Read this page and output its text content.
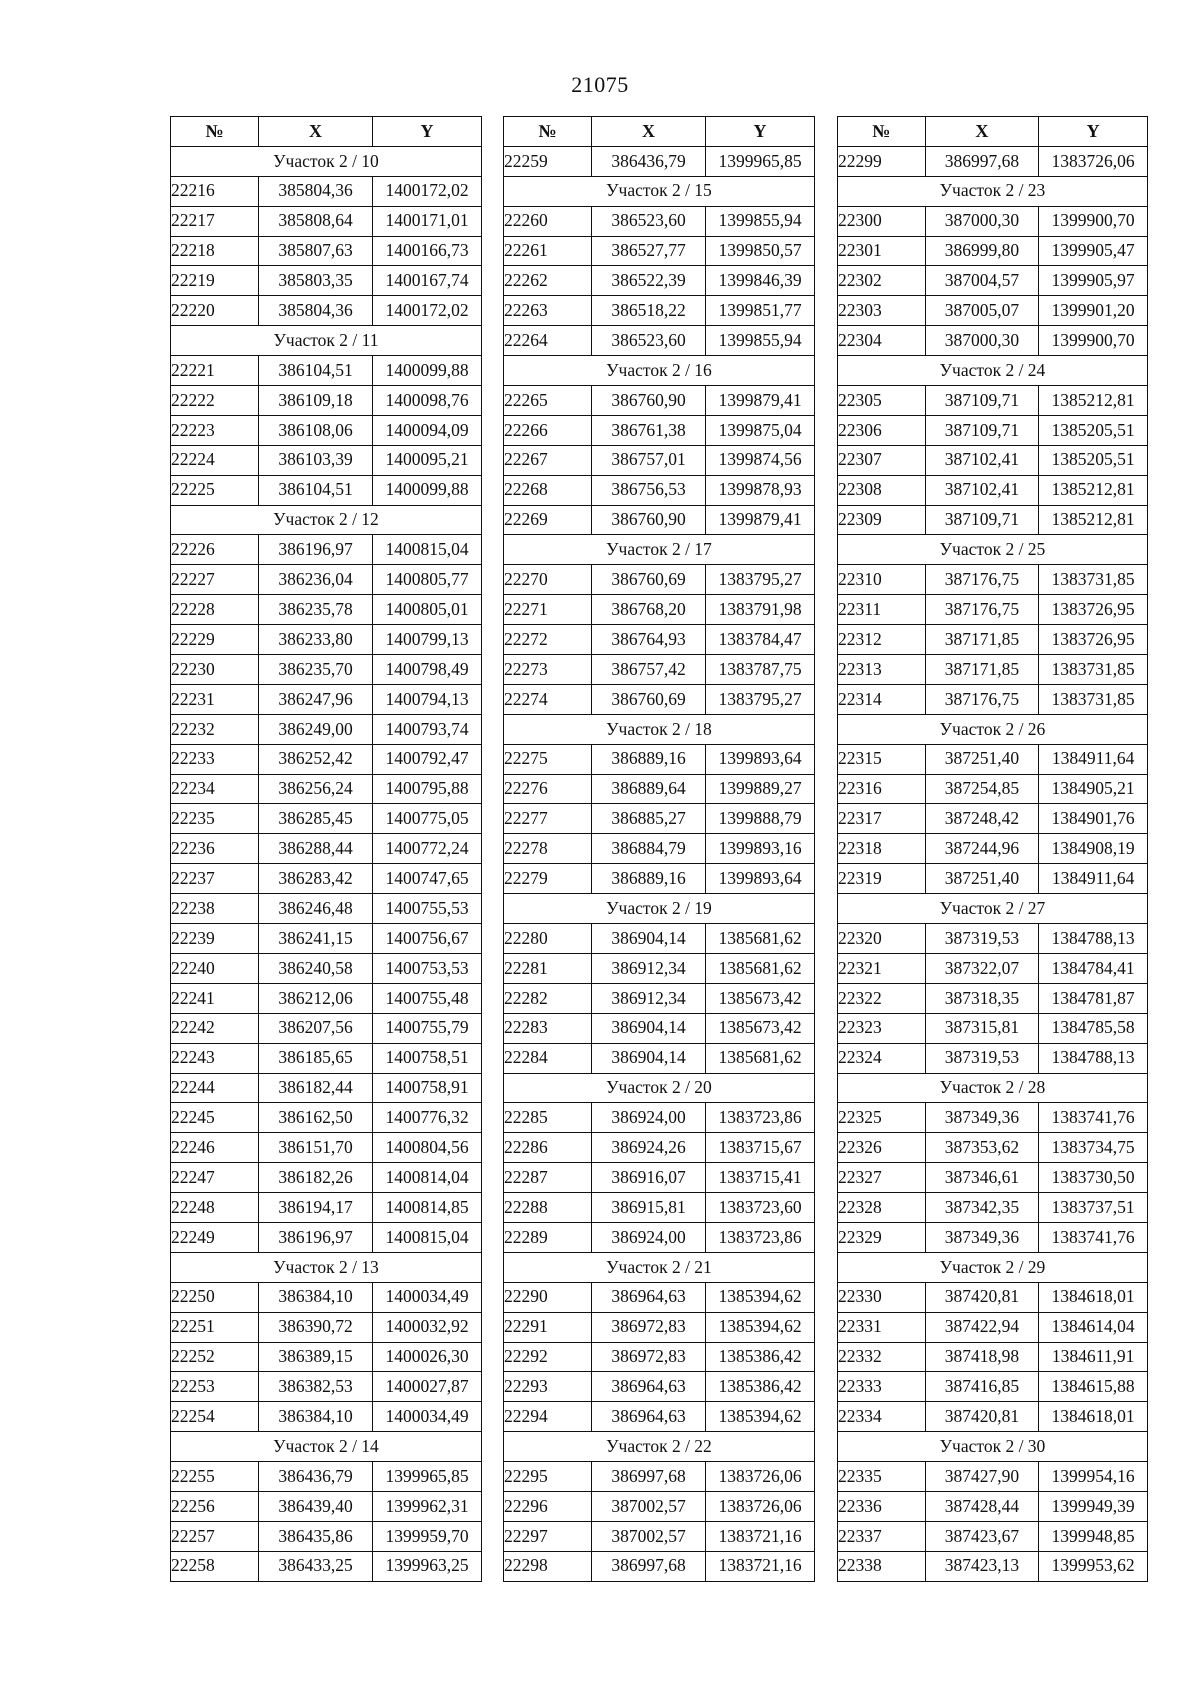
21075
№	X	Y
Участок 2 / 10		
22216	385804,36	1400172,02
22217	385808,64	1400171,01
22218	385807,63	1400166,73
22219	385803,35	1400167,74
22220	385804,36	1400172,02
Участок 2 / 11		
22221	386104,51	1400099,88
22222	386109,18	1400098,76
22223	386108,06	1400094,09
22224	386103,39	1400095,21
22225	386104,51	1400099,88
Участок 2 / 12		
22226	386196,97	1400815,04
22227	386236,04	1400805,77
22228	386235,78	1400805,01
22229	386233,80	1400799,13
22230	386235,70	1400798,49
22231	386247,96	1400794,13
22232	386249,00	1400793,74
22233	386252,42	1400792,47
22234	386256,24	1400795,88
22235	386285,45	1400775,05
22236	386288,44	1400772,24
22237	386283,42	1400747,65
22238	386246,48	1400755,53
22239	386241,15	1400756,67
22240	386240,58	1400753,53
22241	386212,06	1400755,48
22242	386207,56	1400755,79
22243	386185,65	1400758,51
22244	386182,44	1400758,91
22245	386162,50	1400776,32
22246	386151,70	1400804,56
22247	386182,26	1400814,04
22248	386194,17	1400814,85
22249	386196,97	1400815,04
Участок 2 / 13		
22250	386384,10	1400034,49
22251	386390,72	1400032,92
22252	386389,15	1400026,30
22253	386382,53	1400027,87
22254	386384,10	1400034,49
Участок 2 / 14		
22255	386436,79	1399965,85
22256	386439,40	1399962,31
22257	386435,86	1399959,70
22258	386433,25	1399963,25
№	X	Y
22259	386436,79	1399965,85
Участок 2 / 15		
22260	386523,60	1399855,94
22261	386527,77	1399850,57
22262	386522,39	1399846,39
22263	386518,22	1399851,77
22264	386523,60	1399855,94
Участок 2 / 16		
22265	386760,90	1399879,41
22266	386761,38	1399875,04
22267	386757,01	1399874,56
22268	386756,53	1399878,93
22269	386760,90	1399879,41
Участок 2 / 17		
22270	386760,69	1383795,27
22271	386768,20	1383791,98
22272	386764,93	1383784,47
22273	386757,42	1383787,75
22274	386760,69	1383795,27
Участок 2 / 18		
22275	386889,16	1399893,64
22276	386889,64	1399889,27
22277	386885,27	1399888,79
22278	386884,79	1399893,16
22279	386889,16	1399893,64
Участок 2 / 19		
22280	386904,14	1385681,62
22281	386912,34	1385681,62
22282	386912,34	1385673,42
22283	386904,14	1385673,42
22284	386904,14	1385681,62
Участок 2 / 20		
22285	386924,00	1383723,86
22286	386924,26	1383715,67
22287	386916,07	1383715,41
22288	386915,81	1383723,60
22289	386924,00	1383723,86
Участок 2 / 21		
22290	386964,63	1385394,62
22291	386972,83	1385394,62
22292	386972,83	1385386,42
22293	386964,63	1385386,42
22294	386964,63	1385394,62
Участок 2 / 22		
22295	386997,68	1383726,06
22296	387002,57	1383726,06
22297	387002,57	1383721,16
22298	386997,68	1383721,16
№	X	Y
22299	386997,68	1383726,06
Участок 2 / 23		
22300	387000,30	1399900,70
22301	386999,80	1399905,47
22302	387004,57	1399905,97
22303	387005,07	1399901,20
22304	387000,30	1399900,70
Участок 2 / 24		
22305	387109,71	1385212,81
22306	387109,71	1385205,51
22307	387102,41	1385205,51
22308	387102,41	1385212,81
22309	387109,71	1385212,81
Участок 2 / 25		
22310	387176,75	1383731,85
22311	387176,75	1383726,95
22312	387171,85	1383726,95
22313	387171,85	1383731,85
22314	387176,75	1383731,85
Участок 2 / 26		
22315	387251,40	1384911,64
22316	387254,85	1384905,21
22317	387248,42	1384901,76
22318	387244,96	1384908,19
22319	387251,40	1384911,64
Участок 2 / 27		
22320	387319,53	1384788,13
22321	387322,07	1384784,41
22322	387318,35	1384781,87
22323	387315,81	1384785,58
22324	387319,53	1384788,13
Участок 2 / 28		
22325	387349,36	1383741,76
22326	387353,62	1383734,75
22327	387346,61	1383730,50
22328	387342,35	1383737,51
22329	387349,36	1383741,76
Участок 2 / 29		
22330	387420,81	1384618,01
22331	387422,94	1384614,04
22332	387418,98	1384611,91
22333	387416,85	1384615,88
22334	387420,81	1384618,01
Участок 2 / 30		
22335	387427,90	1399954,16
22336	387428,44	1399949,39
22337	387423,67	1399948,85
22338	387423,13	1399953,62
